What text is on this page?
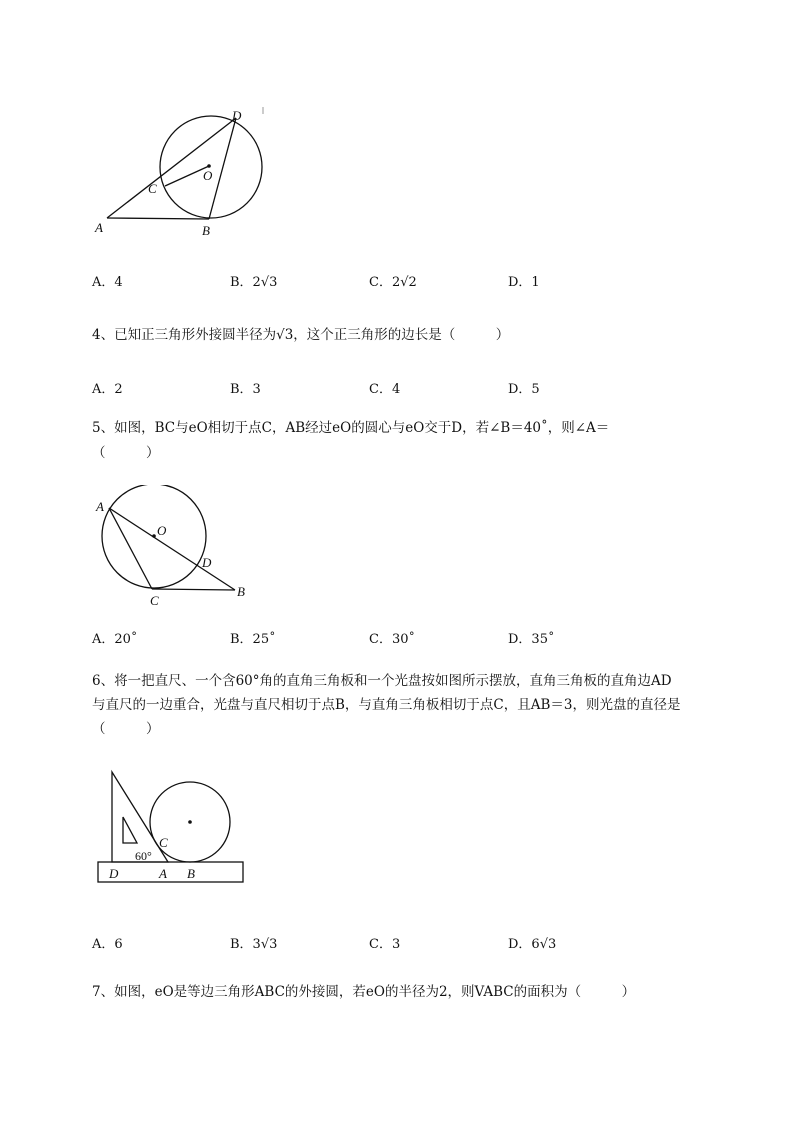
A	B
C
D
O
A．4	B．2√3	C．2√2	D．1
4、已知正三角形外接圆半径为√3，这个正三角形的边长是（　　　）
A．2	B．3	C．4	D．5
5、如图，BC与eO相切于点C，AB经过eO的圆心与eO交于D，若∠B＝40˚，则∠A＝
（　　　）
A
O
D
C
B
A．20˚	B．25˚	C．30˚	D．35˚
6、将一把直尺、一个含60°角的直角三角板和一个光盘按如图所示摆放，直角三角板的直角边AD
与直尺的一边重合，光盘与直尺相切于点B，与直角三角板相切于点C，且AB＝3，则光盘的直径是
（　　　）
60°
C
D	A B
A．6	B．3√3	C．3	D．6√3
7、如图，eO是等边三角形ABC的外接圆，若eO的半径为2，则VABC的面积为（　　　）
